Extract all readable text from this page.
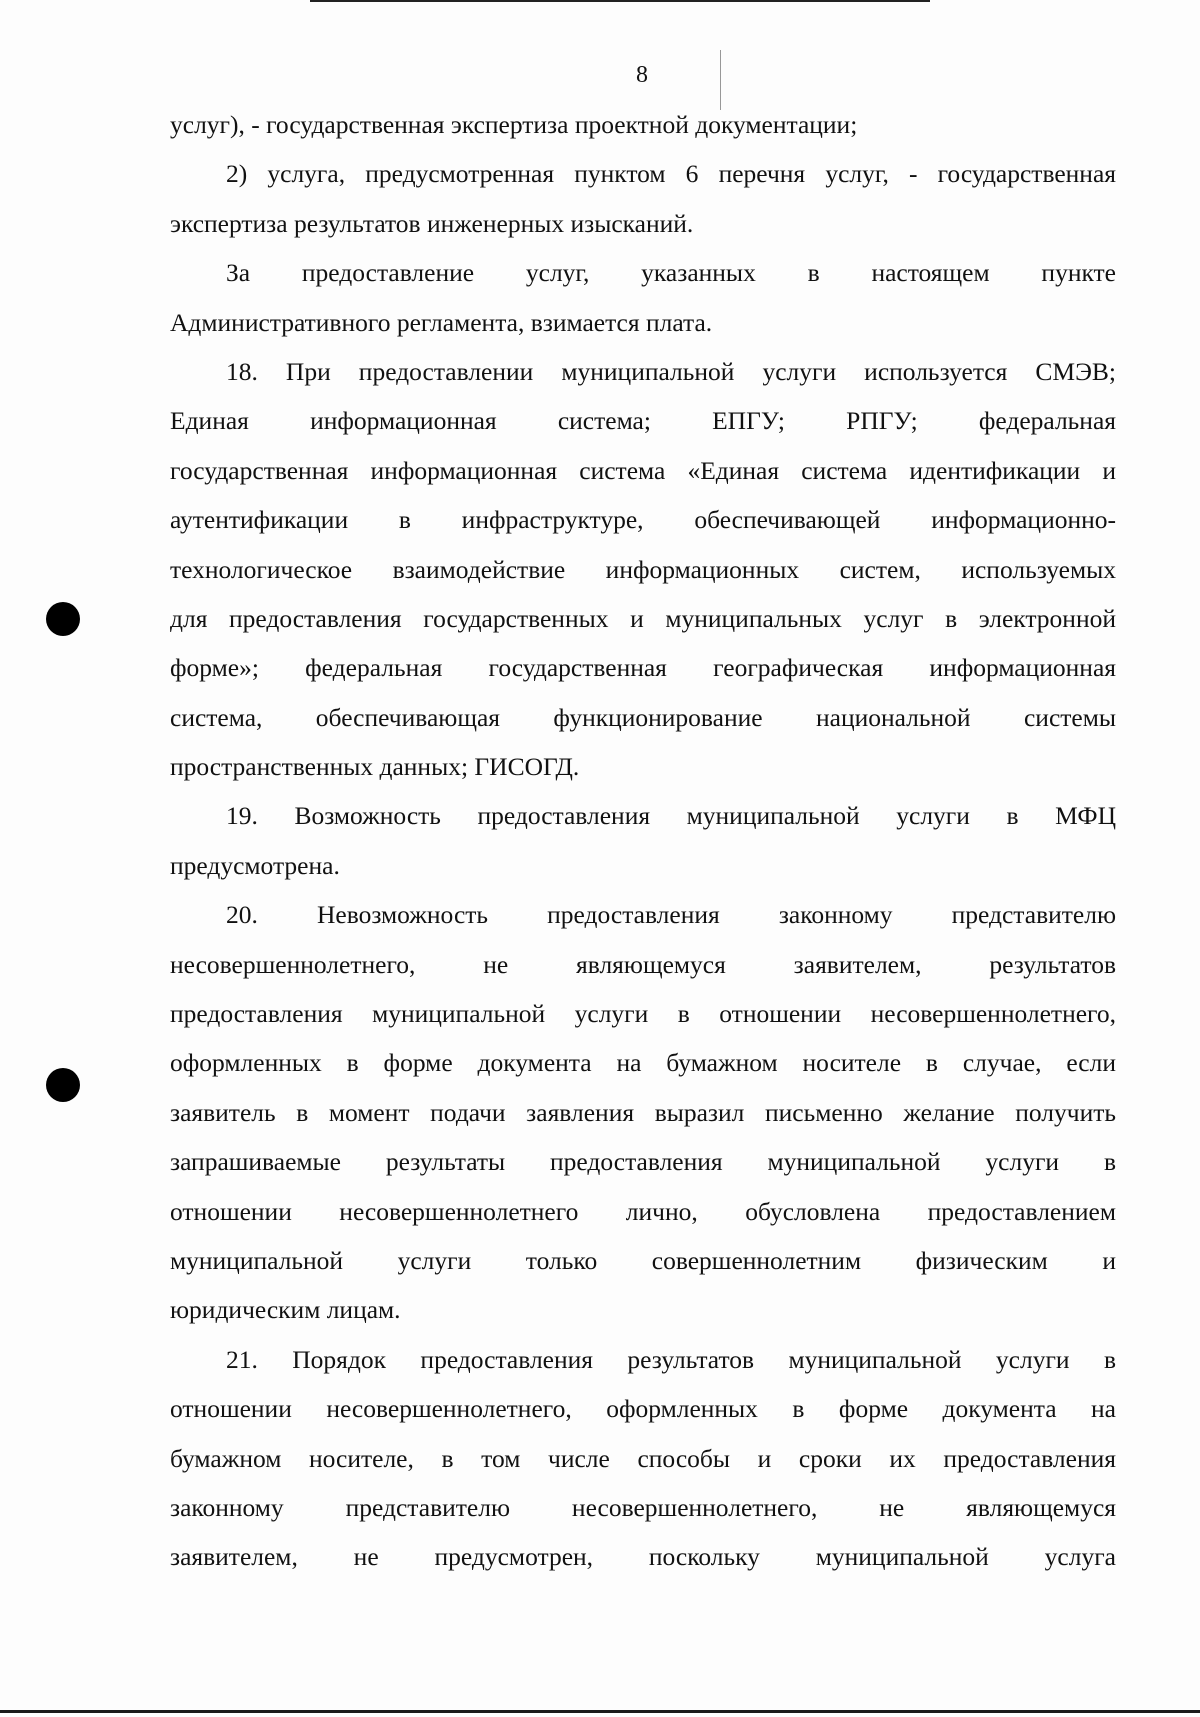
8
услуг), - государственная экспертиза проектной документации;
2) услуга, предусмотренная пунктом 6 перечня услуг, - государственная
экспертиза результатов инженерных изысканий.
За предоставление услуг, указанных в настоящем пункте
Административного регламента, взимается плата.
18. При предоставлении муниципальной услуги используется СМЭВ;
Единая информационная система; ЕПГУ; РПГУ; федеральная
государственная информационная система «Единая система идентификации и
аутентификации в инфраструктуре, обеспечивающей информационно-
технологическое взаимодействие информационных систем, используемых
для предоставления государственных и муниципальных услуг в электронной
форме»; федеральная государственная географическая информационная
система, обеспечивающая функционирование национальной системы
пространственных данных; ГИСОГД.
19. Возможность предоставления муниципальной услуги в МФЦ
предусмотрена.
20. Невозможность предоставления законному представителю
несовершеннолетнего, не являющемуся заявителем, результатов
предоставления муниципальной услуги в отношении несовершеннолетнего,
оформленных в форме документа на бумажном носителе в случае, если
заявитель в момент подачи заявления выразил письменно желание получить
запрашиваемые результаты предоставления муниципальной услуги в
отношении несовершеннолетнего лично, обусловлена предоставлением
муниципальной услуги только совершеннолетним физическим и
юридическим лицам.
21. Порядок предоставления результатов муниципальной услуги в
отношении несовершеннолетнего, оформленных в форме документа на
бумажном носителе, в том числе способы и сроки их предоставления
законному представителю несовершеннолетнего, не являющемуся
заявителем, не предусмотрен, поскольку муниципальной услуга
